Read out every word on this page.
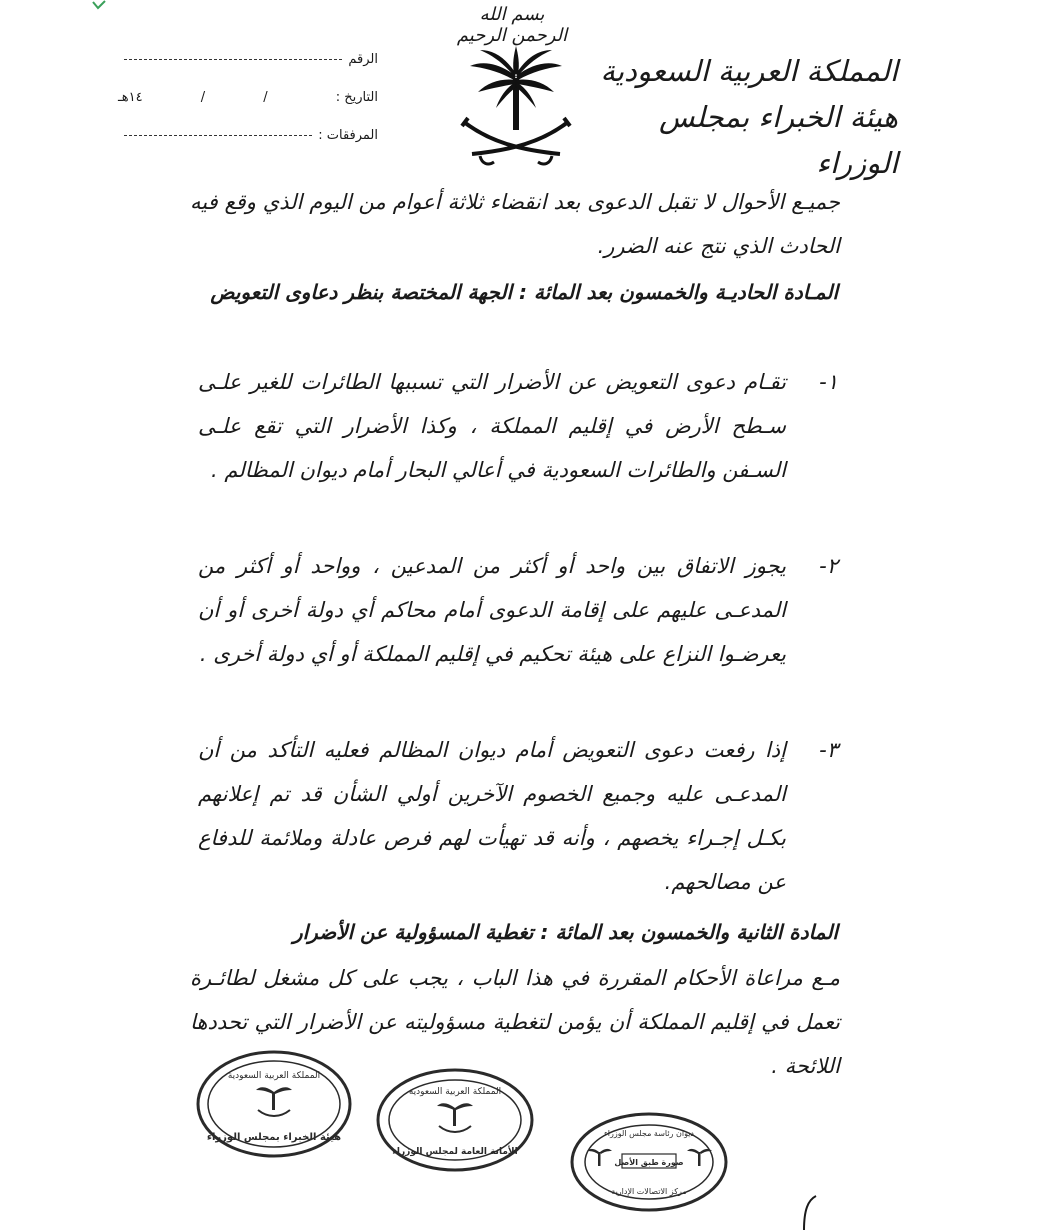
بسم الله الرحمن الرحيم
المملكة العربية السعودية
هيئة الخبراء بمجلس الوزراء
الرقم
التاريخ :
١٤هـ	/	/
المرفقات :
جميـع الأحوال لا تقبل الدعوى بعد انقضاء ثلاثة أعوام من اليوم الذي وقع فيه الحادث الذي نتج عنه الضرر.
المـادة الحاديـة والخمسون بعد المائة : الجهة المختصة بنظر دعاوى التعويض
١-
تقـام دعوى التعويض عن الأضرار التي تسببها الطائرات للغير علـى سـطح الأرض في إقليم المملكة ، وكذا الأضرار التي تقع علـى السـفن والطائرات السعودية في أعالي البحار أمام ديوان المظالم .
٢-
يجوز الاتفاق بين واحد أو أكثر من المدعين ، وواحد أو أكثر من المدعـى عليهم على إقامة الدعوى أمام محاكم أي دولة أخرى أو أن يعرضـوا النزاع على هيئة تحكيم في إقليم المملكة أو أي دولة أخرى .
٣-
إذا رفعت دعوى التعويض أمام ديوان المظالم فعليه التأكد من أن المدعـى عليه وجميع الخصوم الآخرين أولي الشأن قد تم إعلانهم بكـل إجـراء يخصهم ، وأنه قد تهيأت لهم فرص عادلة وملائمة للدفاع عن مصالحهم.
المادة الثانية والخمسون بعد المائة : تغطية المسؤولية عن الأضرار
مـع مراعاة الأحكام المقررة في هذا الباب ، يجب على كل مشغل لطائـرة تعمل في إقليم المملكة أن يؤمن لتغطية مسؤوليته عن الأضرار التي تحددها اللائحة .
المملكة العربية السعودية
هيئة الخبراء بمجلس الوزراء
المملكة العربية السعودية
الأمانة العامة لمجلس الوزراء
ديوان رئاسة مجلس الوزراء
صورة طبق الأصل
مركز الاتصالات الإدارية
